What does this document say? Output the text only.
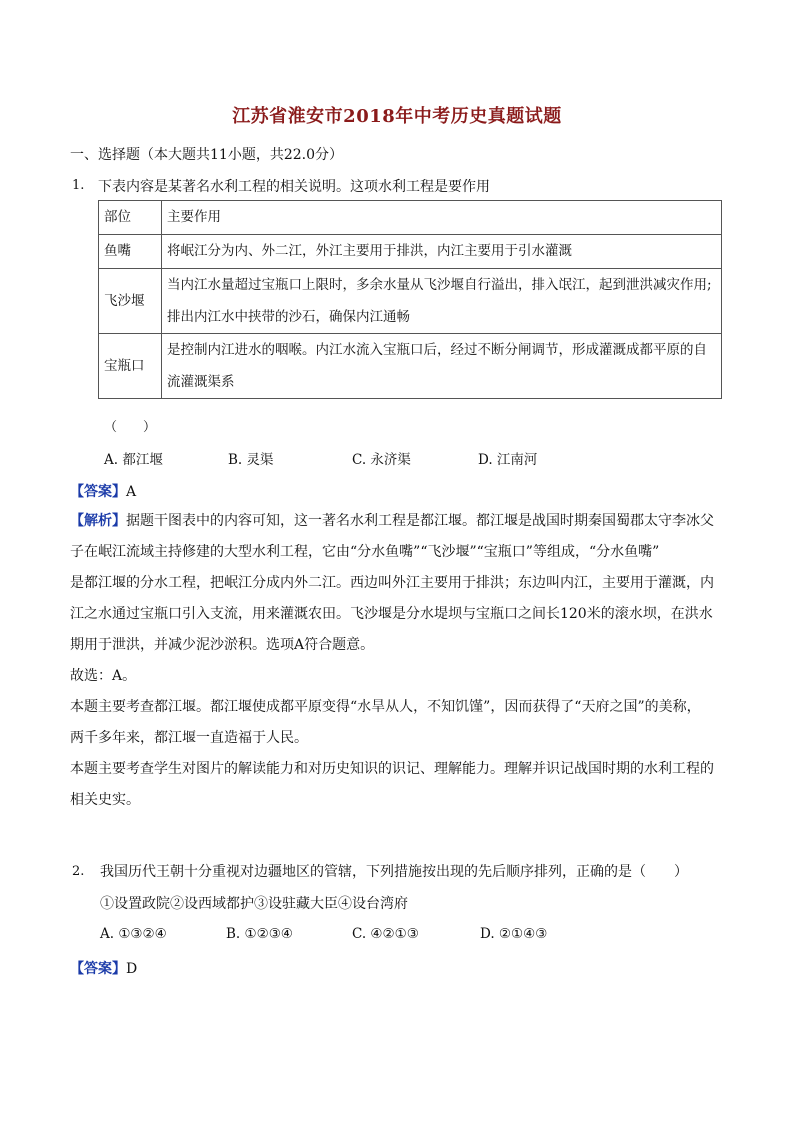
江苏省淮安市2018年中考历史真题试题
一、选择题（本大题共11小题，共22.0分）
1. 下表内容是某著名水利工程的相关说明。这项水利工程是要作用
部位	主要作用
鱼嘴	将岷江分为内、外二江，外江主要用于排洪，内江主要用于引水灌溉
飞沙堰	当内江水量超过宝瓶口上限时，多余水量从飞沙堰自行溢出，排入氓江，起到泄洪减灾作用;
排出内江水中挟带的沙石，确保内江通畅

宝瓶口	是控制内江进水的咽喉。内江水流入宝瓶口后，经过不断分闸调节，形成灌溉成都平原的自
流灌溉渠系
（　　）
A. 都江堰	B. 灵渠	C. 永济渠	D. 江南河
【答案】A
【解析】据题干图表中的内容可知，这一著名水利工程是都江堰。都江堰是战国时期秦国蜀郡太守李冰父
子在岷江流域主持修建的大型水利工程，它由“分水鱼嘴”“飞沙堰”“宝瓶口”等组成，“分水鱼嘴”
是都江堰的分水工程，把岷江分成内外二江。西边叫外江主要用于排洪；东边叫内江，主要用于灌溉，内
江之水通过宝瓶口引入支流，用来灌溉农田。飞沙堰是分水堤坝与宝瓶口之间长120米的滚水坝，在洪水
期用于泄洪，并减少泥沙淤积。选项A符合题意。
故选：A。
本题主要考查都江堰。都江堰使成都平原变得“水旱从人，不知饥馑”，因而获得了“天府之国”的美称，
两千多年来，都江堰一直造福于人民。
本题主要考查学生对图片的解读能力和对历史知识的识记、理解能力。理解并识记战国时期的水利工程的
相关史实。
2. 我国历代王朝十分重视对边疆地区的管辖，下列措施按出现的先后顺序排列，正确的是（　　）
①设置政院②设西域都护③设驻藏大臣④设台湾府
A. ①③②④	B. ①②③④	C. ④②①③	D. ②①④③
【答案】D
